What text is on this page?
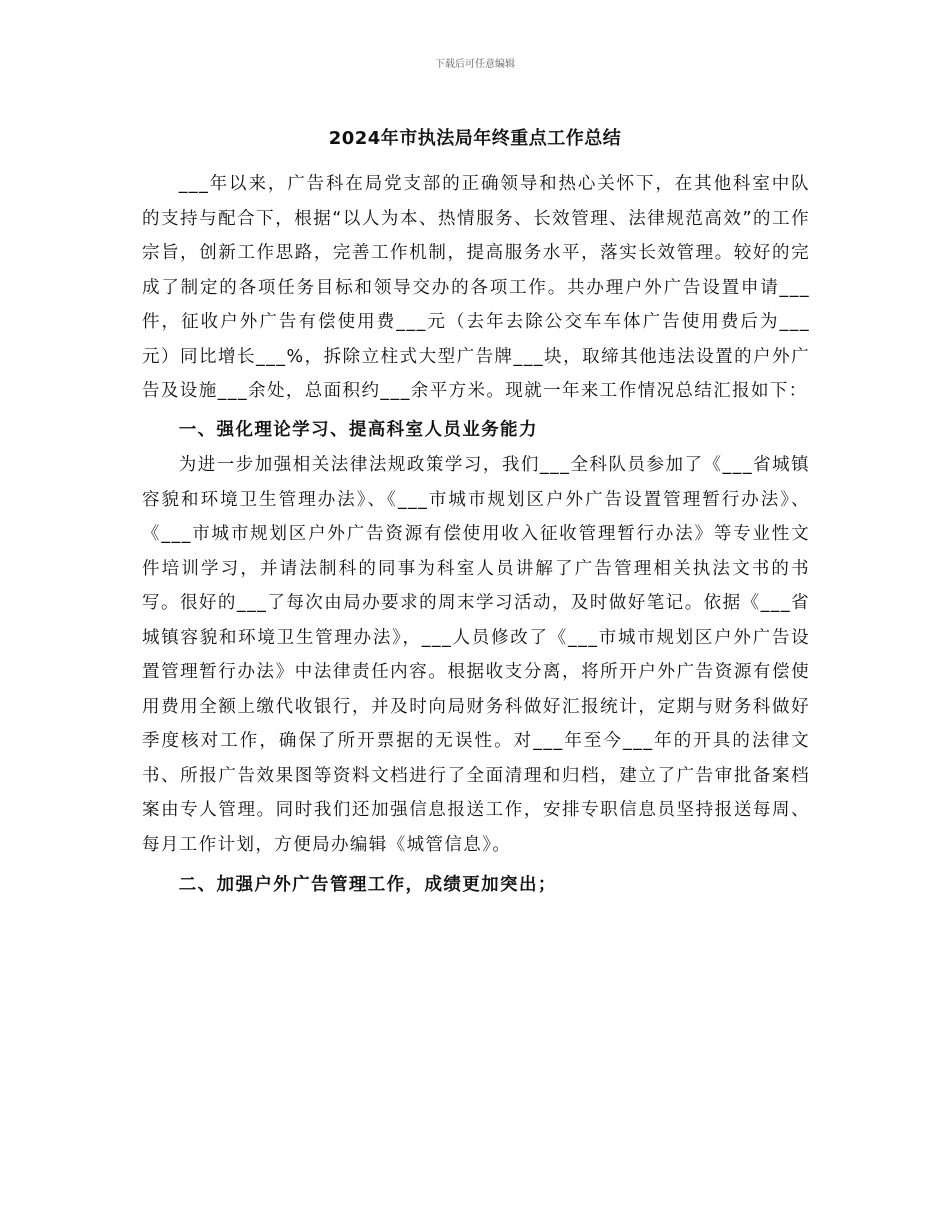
下载后可任意编辑
2024年市执法局年终重点工作总结

___年以来，广告科在局党支部的正确领导和热心关怀下，在其他科室中队的支持与配合下，根据“以人为本、热情服务、长效管理、法律规范高效”的工作宗旨，创新工作思路，完善工作机制，提高服务水平，落实长效管理。较好的完成了制定的各项任务目标和领导交办的各项工作。共办理户外广告设置申请___件，征收户外广告有偿使用费___元（去年去除公交车车体广告使用费后为___元）同比增长___%，拆除立柱式大型广告牌___块，取缔其他违法设置的户外广告及设施___余处，总面积约___余平方米。现就一年来工作情况总结汇报如下：

一、强化理论学习、提高科室人员业务能力

为进一步加强相关法律法规政策学习，我们___全科队员参加了《___省城镇容貌和环境卫生管理办法》、《___市城市规划区户外广告设置管理暂行办法》、《___市城市规划区户外广告资源有偿使用收入征收管理暂行办法》等专业性文件培训学习，并请法制科的同事为科室人员讲解了广告管理相关执法文书的书写。很好的___了每次由局办要求的周末学习活动，及时做好笔记。依据《___省城镇容貌和环境卫生管理办法》，___人员修改了《___市城市规划区户外广告设置管理暂行办法》中法律责任内容。根据收支分离，将所开户外广告资源有偿使用费用全额上缴代收银行，并及时向局财务科做好汇报统计，定期与财务科做好季度核对工作，确保了所开票据的无误性。对___年至今___年的开具的法律文书、所报广告效果图等资料文档进行了全面清理和归档，建立了广告审批备案档案由专人管理。同时我们还加强信息报送工作，安排专职信息员坚持报送每周、每月工作计划，方便局办编辑《城管信息》。

二、加强户外广告管理工作，成绩更加突出；
